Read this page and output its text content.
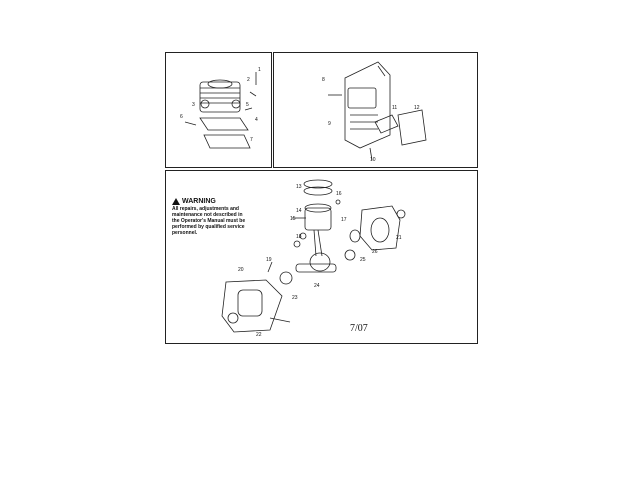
1
2
3
4
5
6
7
8
9
10
11	12
13
14
15
16
17
18
19
20
21
22
23
24
25
26
WARNING
All repairs, adjustments and maintenance not described in the Operator's Manual must be performed by qualified service personnel.
7/07
